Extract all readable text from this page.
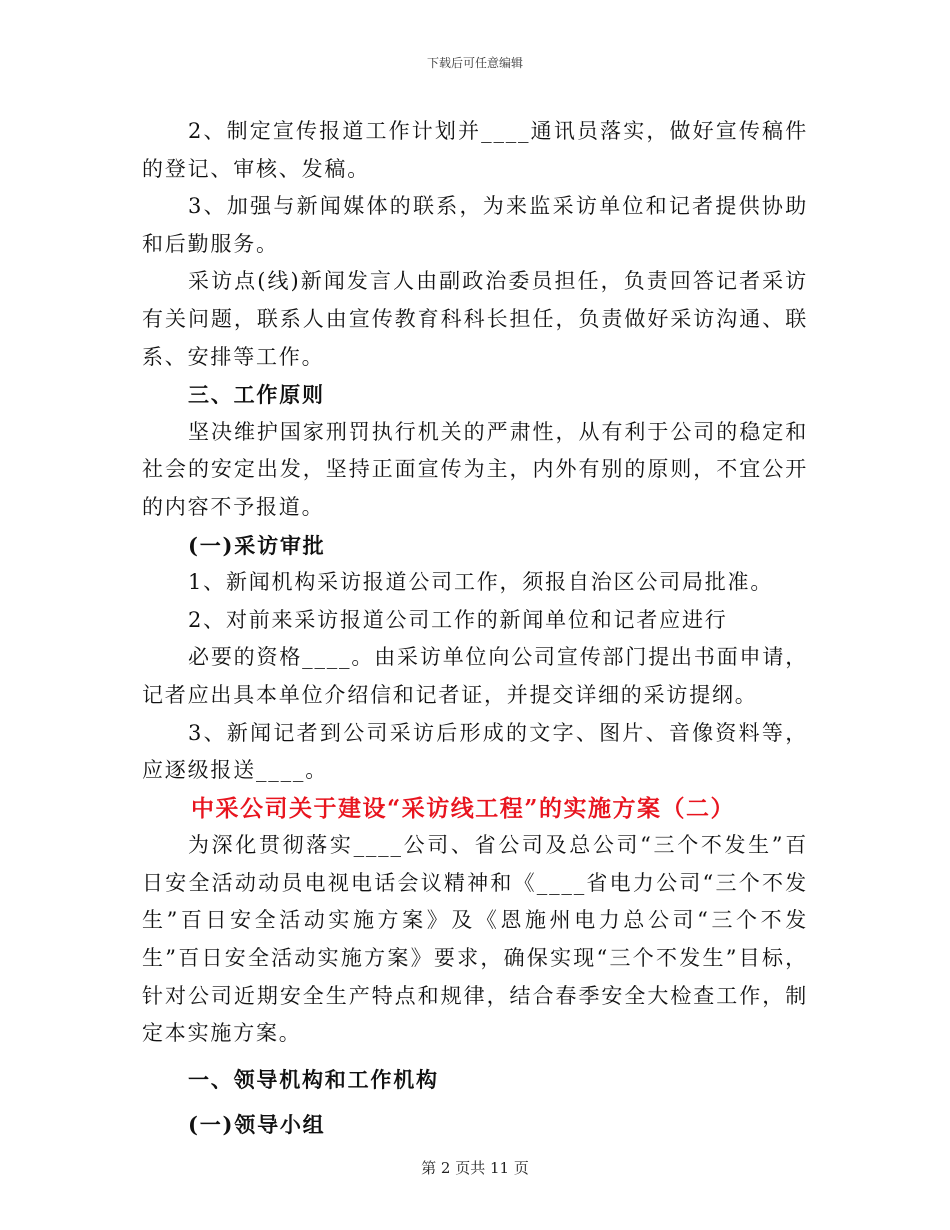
下载后可任意编辑

2、制定宣传报道工作计划并____通讯员落实，做好宣传稿件的登记、审核、发稿。

3、加强与新闻媒体的联系，为来监采访单位和记者提供协助和后勤服务。

采访点(线)新闻发言人由副政治委员担任，负责回答记者采访有关问题，联系人由宣传教育科科长担任，负责做好采访沟通、联系、安排等工作。

三、工作原则

坚决维护国家刑罚执行机关的严肃性，从有利于公司的稳定和社会的安定出发，坚持正面宣传为主，内外有别的原则，不宜公开的内容不予报道。

(一)采访审批

1、新闻机构采访报道公司工作，须报自治区公司局批准。

2、对前来采访报道公司工作的新闻单位和记者应进行

必要的资格____。由采访单位向公司宣传部门提出书面申请，记者应出具本单位介绍信和记者证，并提交详细的采访提纲。

3、新闻记者到公司采访后形成的文字、图片、音像资料等，应逐级报送____。

中采公司关于建设“采访线工程”的实施方案（二）

为深化贯彻落实____公司、省公司及总公司“三个不发生”百日安全活动动员电视电话会议精神和《____省电力公司“三个不发生”百日安全活动实施方案》及《恩施州电力总公司“三个不发生”百日安全活动实施方案》要求，确保实现“三个不发生”目标，针对公司近期安全生产特点和规律，结合春季安全大检查工作，制定本实施方案。

一、领导机构和工作机构

(一)领导小组

第 2 页共 11 页
